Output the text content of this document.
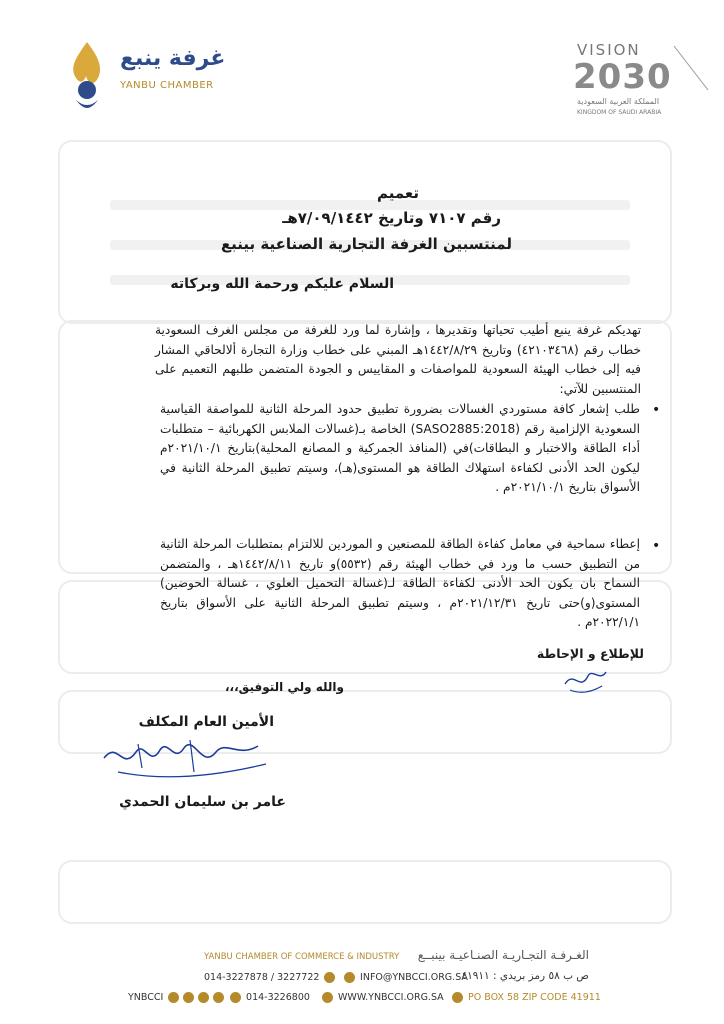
غرفة ينبع
YANBU CHAMBER
VISION
2030
المملكة العربية السعودية
KINGDOM OF SAUDI ARABIA
تعميم
رقم ٧١٠٧ وتاريخ ٧/٠٩/١٤٤٢هـ
لمنتسبين الغرفة التجارية الصناعية بينبع
السلام عليكم ورحمة الله وبركاته
تهديكم غرفة ينبع أطيب تحياتها وتقديرها ، وإشارة لما ورد للغرفة من مجلس الغرف السعودية خطاب رقم (٤٢١٠٣٤٦٨) وتاريخ ١٤٤٢/٨/٢٩هـ المبني على خطاب وزارة التجارة ألالحاقي المشار فيه إلى خطاب الهيئة السعودية للمواصفات و المقاييس و الجودة المتضمن طلبهم التعميم على المنتسبين للآتي:
•
طلب إشعار كافة مستوردي الغسالات بضرورة تطبيق حدود المرحلة الثانية للمواصفة القياسية السعودية الإلزامية رقم (SASO2885:2018) الخاصة بـ(غسالات الملابس الكهربائية – متطلبات أداء الطاقة والاختبار و البطاقات)في (المنافذ الجمركية و المصانع المحلية)بتاريخ ٢٠٢١/١٠/١م ليكون الحد الأدنى لكفاءة استهلاك الطاقة هو المستوى(هـ)، وسيتم تطبيق المرحلة الثانية في الأسواق بتاريخ ٢٠٢١/١٠/١م .
•
إعطاء سماحية في معامل كفاءة الطاقة للمصنعين و الموردين للالتزام بمتطلبات المرحلة الثانية من التطبيق حسب ما ورد في خطاب الهيئة رقم (٥٥٣٢)و تاريخ ١٤٤٢/٨/١١هـ ، والمتضمن السماح بان يكون الحد الأدنى لكفاءة الطاقة لـ(غسالة التحميل العلوي ، غسالة الحوضين) المستوى(و)حتى تاريخ ٢٠٢١/١٢/٣١م ، وسيتم تطبيق المرحلة الثانية على الأسواق بتاريخ ٢٠٢٢/١/١م .
للإطلاع و الإحاطة
والله ولي التوفيق،،،
الأمين العام المكلف
عامر بن سليمان الحمدي
YANBU CHAMBER OF COMMERCE & INDUSTRY الغـرفـة التجـاريـة الصنـاعيـة بينبــع
014-3227878 / 3227722	INFO@YNBCCI.ORG.SA
ص ب ٥٨ رمز بريدي : ٤١٩١١
YNBCCI	014-3226800	WWW.YNBCCI.ORG.SA	PO BOX 58 ZIP CODE 41911
